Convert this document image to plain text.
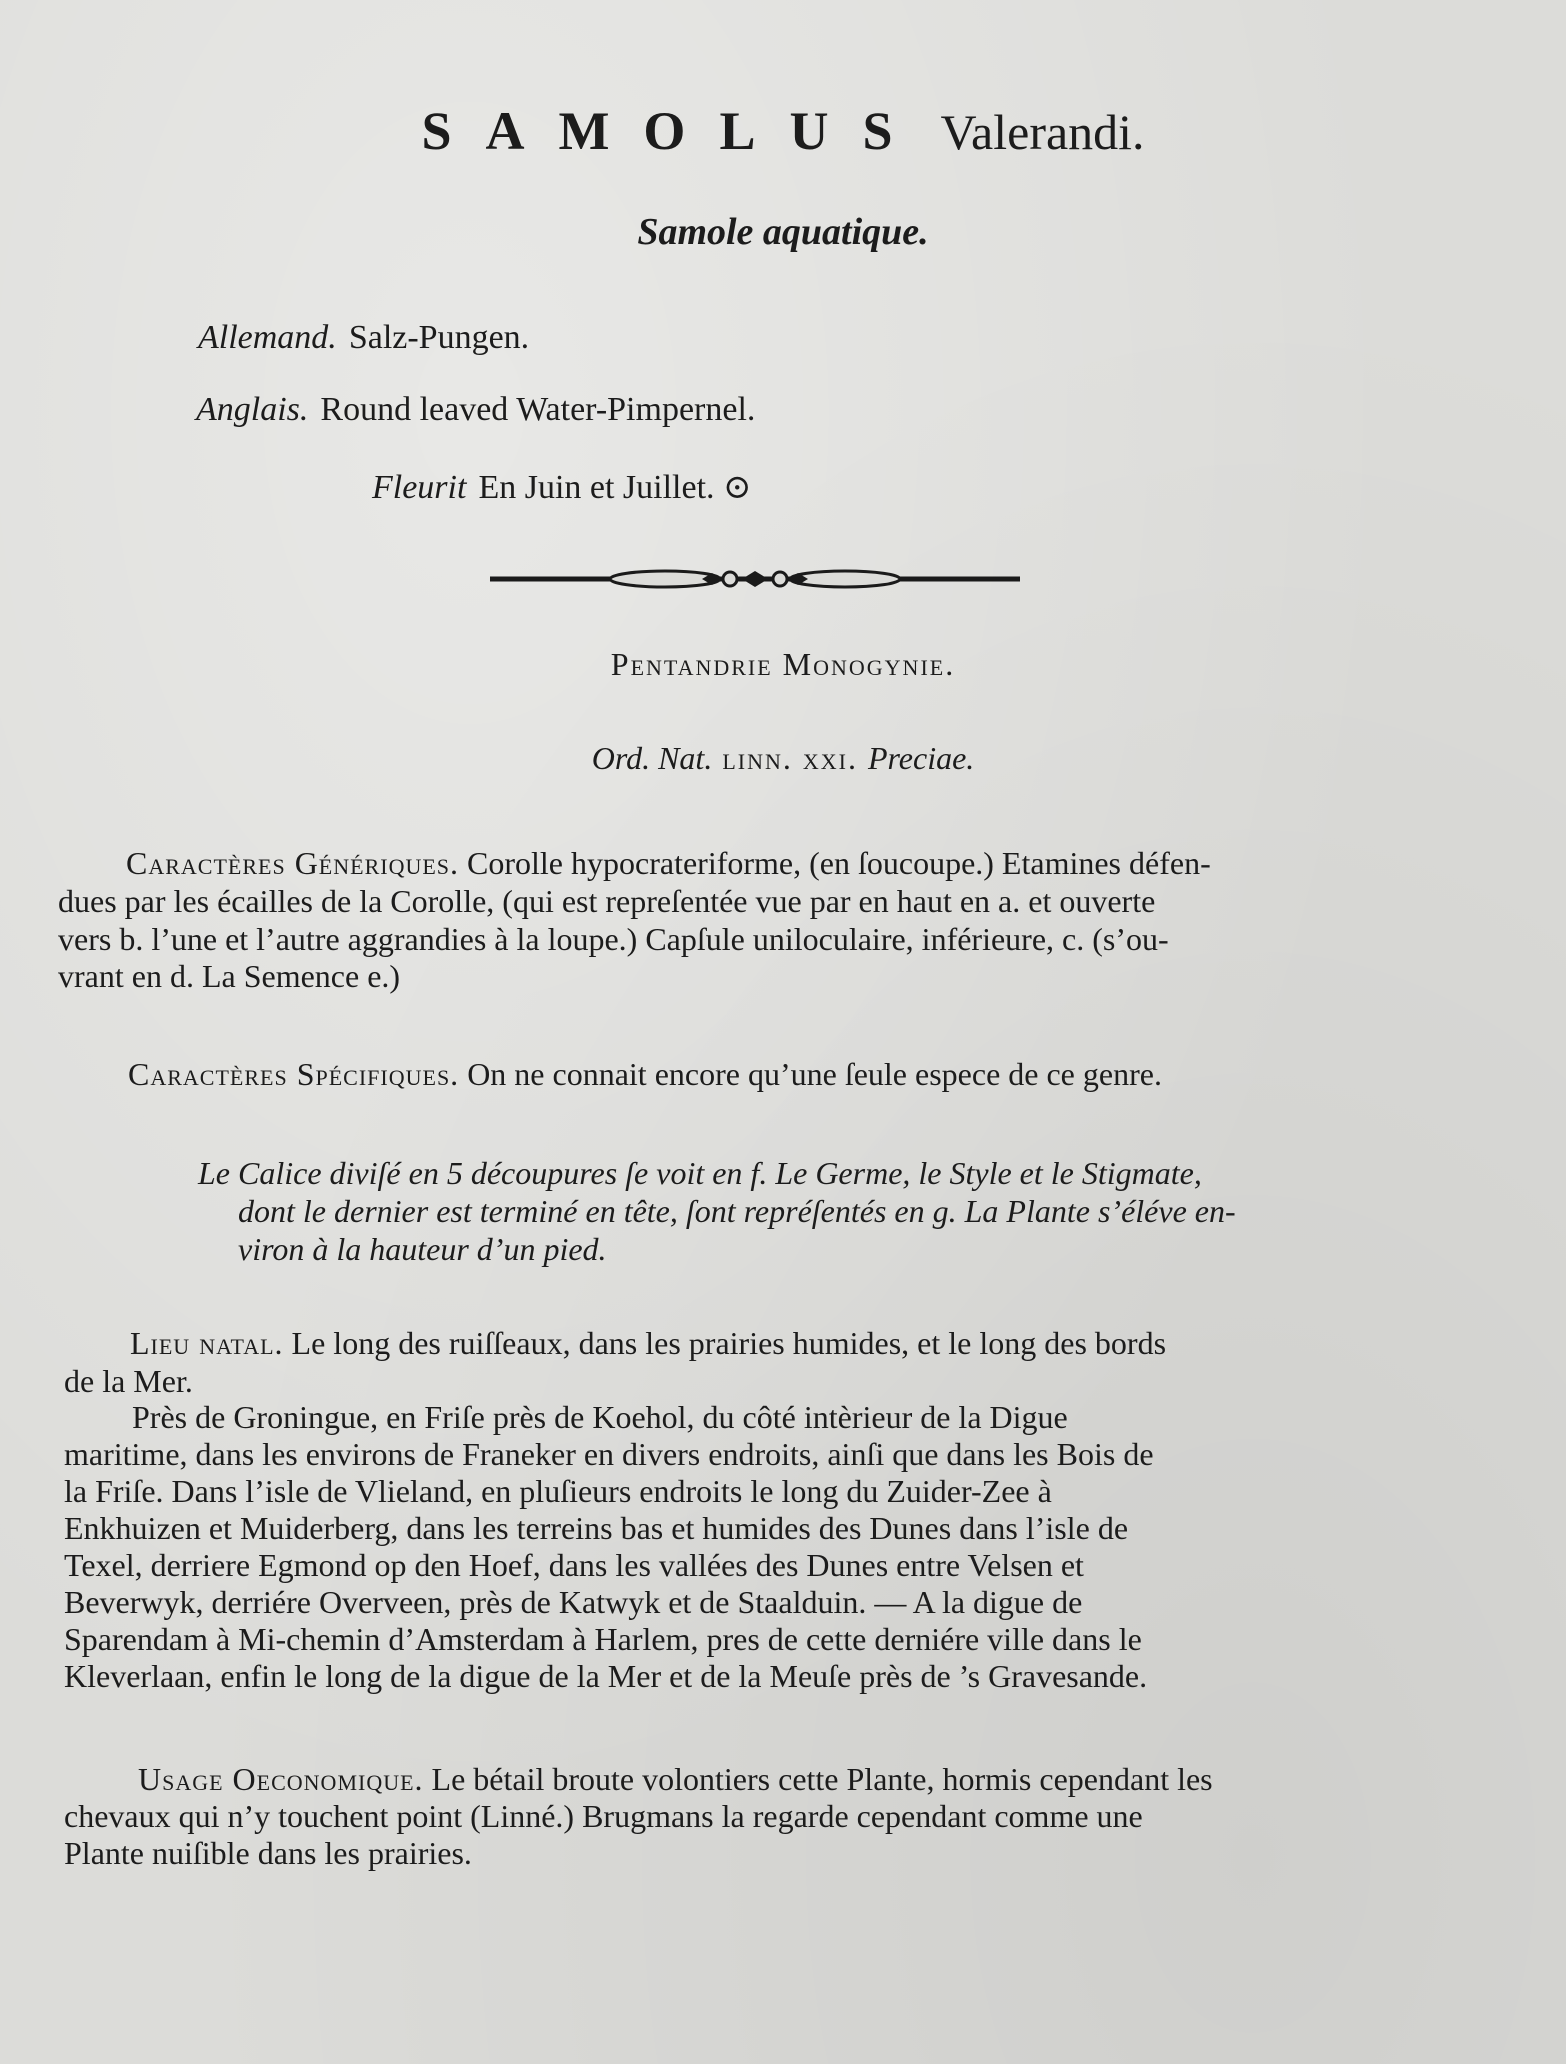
SAMOLUS Valerandi.
Samole aquatique.
Allemand. Salz-Pungen.
Anglais. Round leaved Water-Pimpernel.
Fleurit En Juin et Juillet. ⊙
Pentandrie Monogynie.
Ord. Nat. linn. xxi. Preciae.
Caractères Génériques. Corolle hypocrateriforme, (en ſoucoupe.) Etamines défen-
dues par les écailles de la Corolle, (qui est repreſentée vue par en haut en a. et ouverte
vers b. l’une et l’autre aggrandies à la loupe.) Capſule uniloculaire, inférieure, c. (s’ou-
vrant en d. La Semence e.)
Caractères Spécifiques. On ne connait encore qu’une ſeule espece de ce genre.
Le Calice diviſé en 5 découpures ſe voit en f. Le Germe, le Style et le Stigmate,
dont le dernier est terminé en tête, ſont repréſentés en g. La Plante s’éléve en-
viron à la hauteur d’un pied.
Lieu natal. Le long des ruiſſeaux, dans les prairies humides, et le long des bords
de la Mer.
Près de Groningue, en Friſe près de Koehol, du côté intèrieur de la Digue
maritime, dans les environs de Franeker en divers endroits, ainſi que dans les Bois de
la Friſe. Dans l’isle de Vlieland, en pluſieurs endroits le long du Zuider-Zee à
Enkhuizen et Muiderberg, dans les terreins bas et humides des Dunes dans l’isle de
Texel, derriere Egmond op den Hoef, dans les vallées des Dunes entre Velsen et
Beverwyk, derriére Overveen, près de Katwyk et de Staalduin. — A la digue de
Sparendam à Mi-chemin d’Amsterdam à Harlem, pres de cette derniére ville dans le
Kleverlaan, enfin le long de la digue de la Mer et de la Meuſe près de ’s Gravesande.
Usage Oeconomique. Le bétail broute volontiers cette Plante, hormis cependant les
chevaux qui n’y touchent point (Linné.) Brugmans la regarde cependant comme une
Plante nuiſible dans les prairies.
